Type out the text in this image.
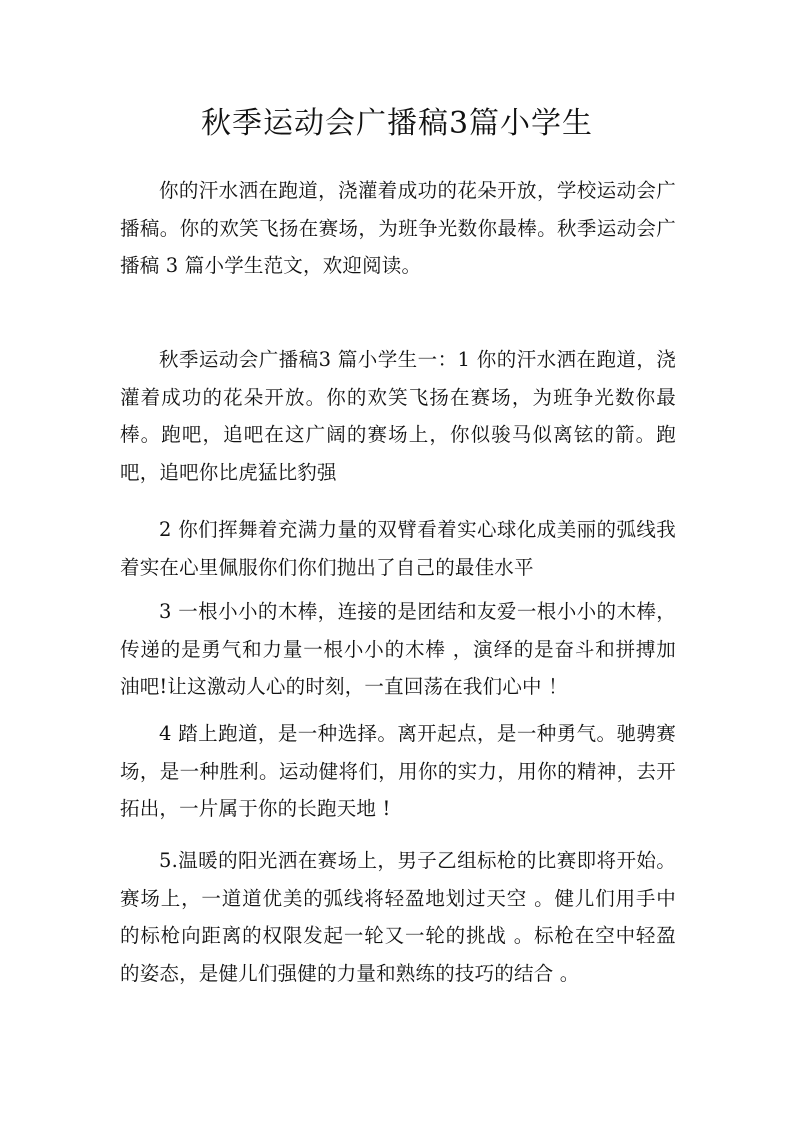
秋季运动会广播稿3篇小学生

你的汗水洒在跑道，浇灌着成功的花朵开放，学校运动会广播稿。你的欢笑飞扬在赛场，为班争光数你最棒。秋季运动会广播稿 3 篇小学生范文，欢迎阅读。

秋季运动会广播稿3 篇小学生一：1 你的汗水洒在跑道，浇灌着成功的花朵开放。你的欢笑飞扬在赛场，为班争光数你最棒。跑吧，追吧在这广阔的赛场上，你似骏马似离铉的箭。跑吧，追吧你比虎猛比豹强

2 你们挥舞着充满力量的双臂看着实心球化成美丽的弧线我着实在心里佩服你们你们抛出了自己的最佳水平

3 一根小小的木棒，连接的是团结和友爱一根小小的木棒，传递的是勇气和力量一根小小的木棒 ，演绎的是奋斗和拼搏加油吧!让这激动人心的时刻，一直回荡在我们心中 ！

4 踏上跑道，是一种选择。离开起点，是一种勇气。驰骋赛场，是一种胜利。运动健将们，用你的实力，用你的精神，去开拓出，一片属于你的长跑天地 !

5.温暖的阳光洒在赛场上，男子乙组标枪的比赛即将开始。赛场上，一道道优美的弧线将轻盈地划过天空 。健儿们用手中的标枪向距离的权限发起一轮又一轮的挑战 。标枪在空中轻盈的姿态，是健儿们强健的力量和熟练的技巧的结合 。
